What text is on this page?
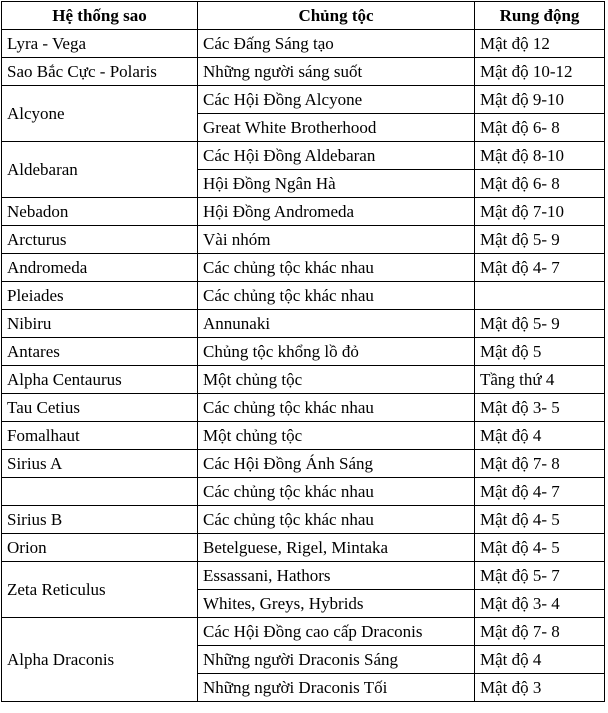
Hệ thống sao	Chủng tộc	Rung động
Lyra - Vega	Các Đấng Sáng tạo	Mật độ 12
Sao Bắc Cực - Polaris	Những người sáng suốt	Mật độ 10-12
Alcyone	Các Hội Đồng Alcyone	Mật độ 9-10
	Great White Brotherhood	Mật độ 6- 8
Aldebaran	Các Hội Đồng Aldebaran	Mật độ 8-10
	Hội Đồng Ngân Hà	Mật độ 6- 8
Nebadon	Hội Đồng Andromeda	Mật độ 7-10
Arcturus	Vài nhóm	Mật độ 5- 9
Andromeda	Các chủng tộc khác nhau	Mật độ 4- 7
Pleiades	Các chủng tộc khác nhau	
Nibiru	Annunaki	Mật độ 5- 9
Antares	Chủng tộc khổng lồ đỏ	Mật độ 5
Alpha Centaurus	Một chủng tộc	Tầng thứ 4
Tau Cetius	Các chủng tộc khác nhau	Mật độ 3- 5
Fomalhaut	Một chủng tộc	Mật độ 4
Sirius A	Các Hội Đồng Ánh Sáng	Mật độ 7- 8
	Các chủng tộc khác nhau	Mật độ 4- 7
Sirius B	Các chủng tộc khác nhau	Mật độ 4- 5
Orion	Betelguese, Rigel, Mintaka	Mật độ 4- 5
Zeta Reticulus	Essassani, Hathors	Mật độ 5- 7
	Whites, Greys, Hybrids	Mật độ 3- 4
Alpha Draconis	Các Hội Đồng cao cấp Draconis	Mật độ 7- 8
	Những người Draconis Sáng	Mật độ 4
	Những người Draconis Tối	Mật độ 3
